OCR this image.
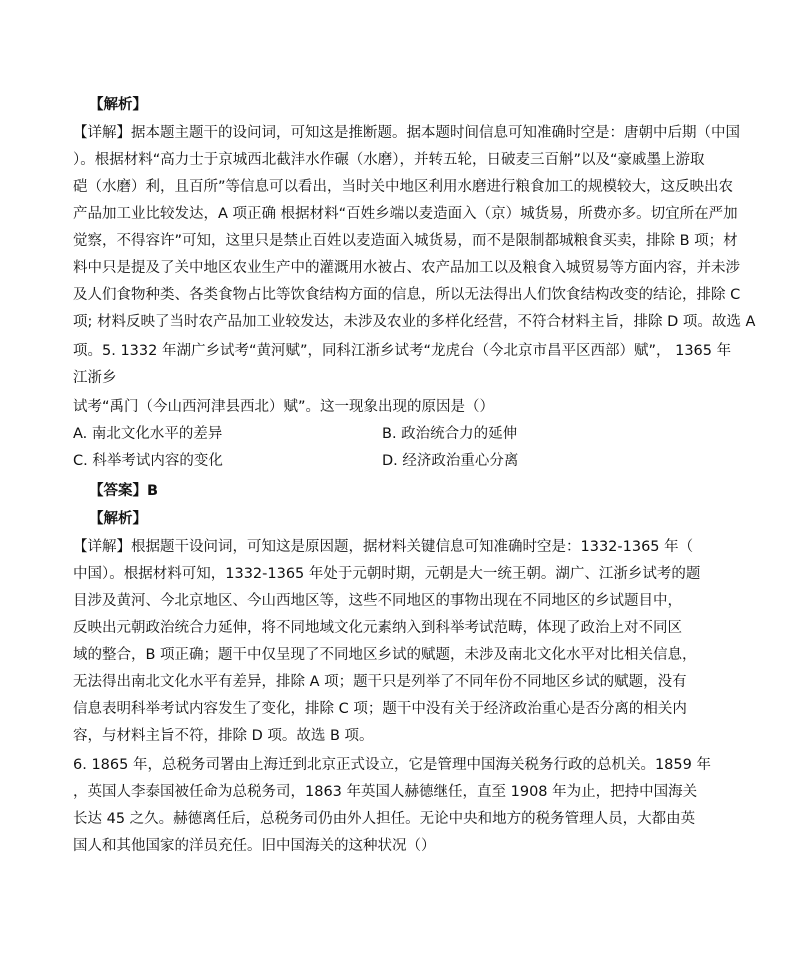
【解析】
【详解】据本题主题干的设问词，可知这是推断题。据本题时间信息可知准确时空是：唐朝中后期（中国
）。根据材料“高力士于京城西北截沣水作碾（水磨），并转五轮，日破麦三百斛”以及“豪戚墨上游取
硙（水磨）利，且百所”等信息可以看出，当时关中地区利用水磨进行粮食加工的规模较大，这反映出农
产品加工业比较发达，A 项正确 根据材料“百姓乡端以麦造面入（京）城货易，所费亦多。切宜所在严加
觉察，不得容许”可知，这里只是禁止百姓以麦造面入城货易，而不是限制都城粮食买卖，排除 B 项；材
料中只是提及了关中地区农业生产中的灌溉用水被占、农产品加工以及粮食入城贸易等方面内容，并未涉
及人们食物种类、各类食物占比等饮食结构方面的信息，所以无法得出人们饮食结构改变的结论，排除 C
项; 材料反映了当时农产品加工业较发达，未涉及农业的多样化经营，不符合材料主旨，排除 D 项。故选 A
项。5. 1332 年湖广乡试考“黄河赋”，同科江浙乡试考“龙虎台（今北京市昌平区西部）赋”， 1365 年
江浙乡
试考“禹门（今山西河津县西北）赋”。这一现象出现的原因是（）
A. 南北文化水平的差异	B. 政治统合力的延伸
C. 科举考试内容的变化	D. 经济政治重心分离
【答案】B
【解析】
【详解】根据题干设问词，可知这是原因题，据材料关键信息可知准确时空是：1332-1365 年（
中国）。根据材料可知，1332-1365 年处于元朝时期，元朝是大一统王朝。湖广、江浙乡试考的题
目涉及黄河、今北京地区、今山西地区等，这些不同地区的事物出现在不同地区的乡试题目中，
反映出元朝政治统合力延伸，将不同地域文化元素纳入到科举考试范畴，体现了政治上对不同区
域的整合，B 项正确；题干中仅呈现了不同地区乡试的赋题，未涉及南北文化水平对比相关信息，
无法得出南北文化水平有差异，排除 A 项；题干只是列举了不同年份不同地区乡试的赋题，没有
信息表明科举考试内容发生了变化，排除 C 项；题干中没有关于经济政治重心是否分离的相关内
容，与材料主旨不符，排除 D 项。故选 B 项。
6. 1865 年，总税务司署由上海迁到北京正式设立，它是管理中国海关税务行政的总机关。1859 年
，英国人李泰国被任命为总税务司，1863 年英国人赫德继任，直至 1908 年为止，把持中国海关
长达 45 之久。赫德离任后，总税务司仍由外人担任。无论中央和地方的税务管理人员，大都由英
国人和其他国家的洋员充任。旧中国海关的这种状况（）
